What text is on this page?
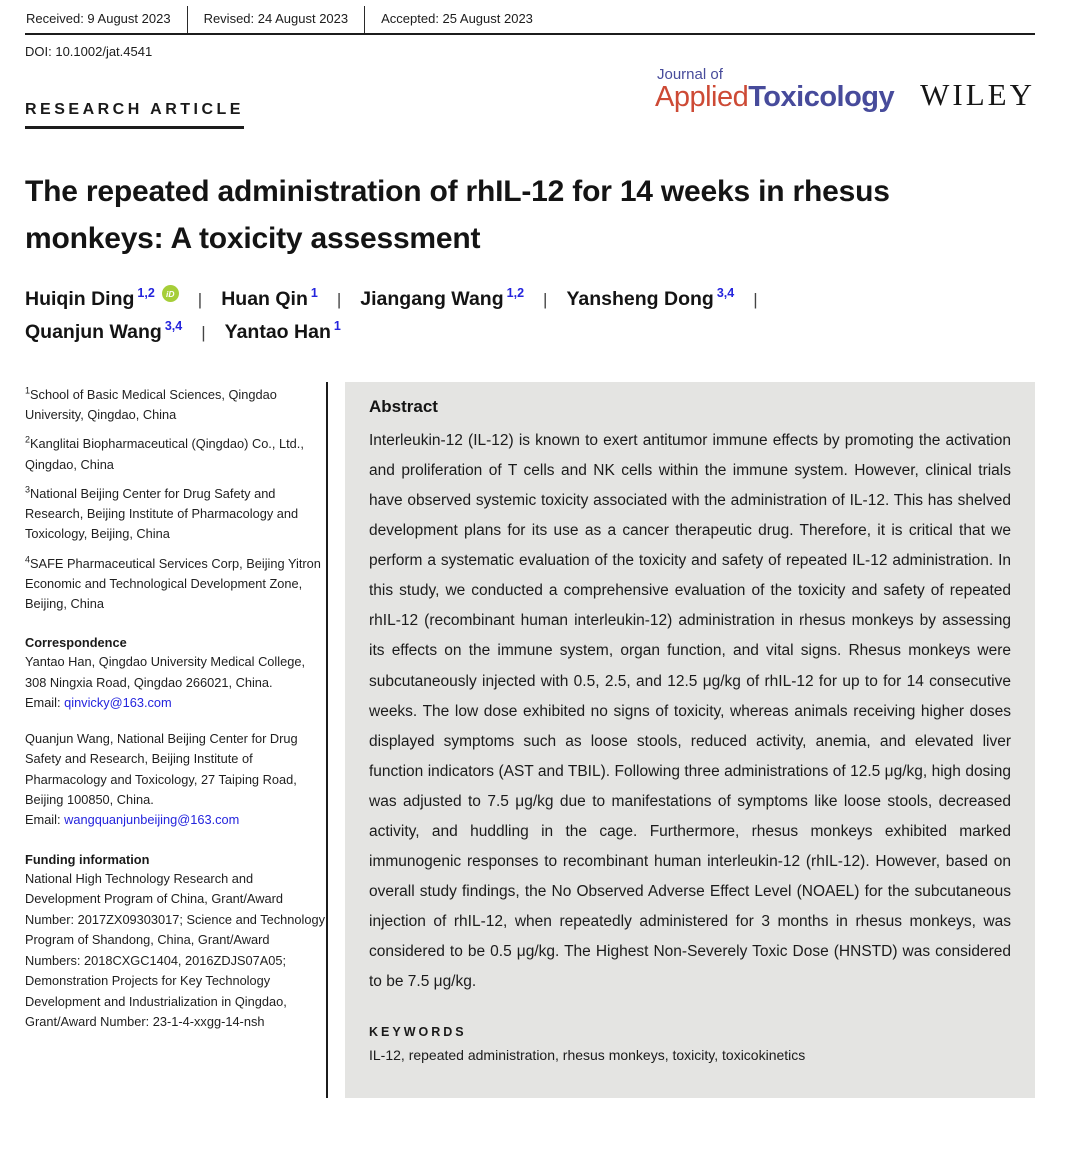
Received: 9 August 2023	Revised: 24 August 2023	Accepted: 25 August 2023
DOI: 10.1002/jat.4541
RESEARCH ARTICLE
Journal of
AppliedToxicology WILEY
The repeated administration of rhIL-12 for 14 weeks in rhesus monkeys: A toxicity assessment
Huiqin Ding 1,2	iD | Huan Qin 1 | Jiangang Wang 1,2 | Yansheng Dong 3,4 |
Quanjun Wang 3,4 | Yantao Han 1

$^1$School of Basic Medical Sciences, Qingdao University, Qingdao, China

$^2$Kanglitai Biopharmaceutical (Qingdao) Co., Ltd., Qingdao, China

$^3$National Beijing Center for Drug Safety and Research, Beijing Institute of Pharmacology and Toxicology, Beijing, China

$^4$SAFE Pharmaceutical Services Corp, Beijing Yitron Economic and Technological Development Zone, Beijing, China

Correspondence

Yantao Han, Qingdao University Medical College, 308 Ningxia Road, Qingdao 266021, China.
Email: qinvicky@163.com

Quanjun Wang, National Beijing Center for Drug Safety and Research, Beijing Institute of Pharmacology and Toxicology, 27 Taiping Road, Beijing 100850, China.
Email: wangquanjunbeijing@163.com

Funding information

National High Technology Research and Development Program of China, Grant/Award Number: 2017ZX09303017; Science and Technology Program of Shandong, China, Grant/Award Numbers: 2018CXGC1404, 2016ZDJS07A05; Demonstration Projects for Key Technology Development and Industrialization in Qingdao, Grant/Award Number: 23-1-4-xxgg-14-nsh

Abstract

Interleukin-12 (IL-12) is known to exert antitumor immune effects by promoting the activation and proliferation of T cells and NK cells within the immune system. However, clinical trials have observed systemic toxicity associated with the administration of IL-12. This has shelved development plans for its use as a cancer therapeutic drug. Therefore, it is critical that we perform a systematic evaluation of the toxicity and safety of repeated IL-12 administration. In this study, we conducted a comprehensive evaluation of the toxicity and safety of repeated rhIL-12 (recombinant human interleukin-12) administration in rhesus monkeys by assessing its effects on the immune system, organ function, and vital signs. Rhesus monkeys were subcutaneously injected with 0.5, 2.5, and 12.5 μg/kg of rhIL-12 for up to for 14 consecutive weeks. The low dose exhibited no signs of toxicity, whereas animals receiving higher doses displayed symptoms such as loose stools, reduced activity, anemia, and elevated liver function indicators (AST and TBIL). Following three administrations of 12.5 μg/kg, high dosing was adjusted to 7.5 μg/kg due to manifestations of symptoms like loose stools, decreased activity, and huddling in the cage. Furthermore, rhesus monkeys exhibited marked immunogenic responses to recombinant human interleukin-12 (rhIL-12). However, based on overall study findings, the No Observed Adverse Effect Level (NOAEL) for the subcutaneous injection of rhIL-12, when repeatedly administered for 3 months in rhesus monkeys, was considered to be 0.5 μg/kg. The Highest Non-Severely Toxic Dose (HNSTD) was considered to be 7.5 μg/kg.

KEYWORDS
IL-12, repeated administration, rhesus monkeys, toxicity, toxicokinetics
